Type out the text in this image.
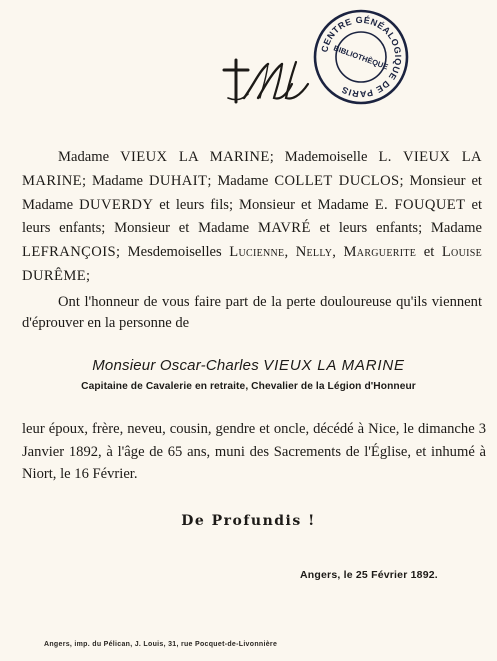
CENTRE GÉNÉALOGIQUE DE PARIS
BIBLIOTHÈQUE

Madame VIEUX LA MARINE; Mademoiselle L. VIEUX LA MARINE; Madame DUHAIT; Madame COLLET DUCLOS; Monsieur et Madame DUVERDY et leurs fils; Monsieur et Madame E. FOUQUET et leurs enfants; Monsieur et Madame MAVRÉ et leurs enfants; Madame LEFRANÇOIS; Mesdemoiselles Lucienne, Nelly, Marguerite et Louise DURÊME;

Ont l'honneur de vous faire part de la perte douloureuse qu'ils viennent d'éprouver en la personne de

Monsieur Oscar-Charles VIEUX LA MARINE
Capitaine de Cavalerie en retraite, Chevalier de la Légion d'Honneur

leur époux, frère, neveu, cousin, gendre et oncle, décédé à Nice, le dimanche 3 Janvier 1892, à l'âge de 65 ans, muni des Sacrements de l'Église, et inhumé à Niort, le 16 Février.

De Profundis !
Angers, le 25 Février 1892.
Angers, imp. du Pélican, J. Louis, 31, rue Pocquet-de-Livonnière
